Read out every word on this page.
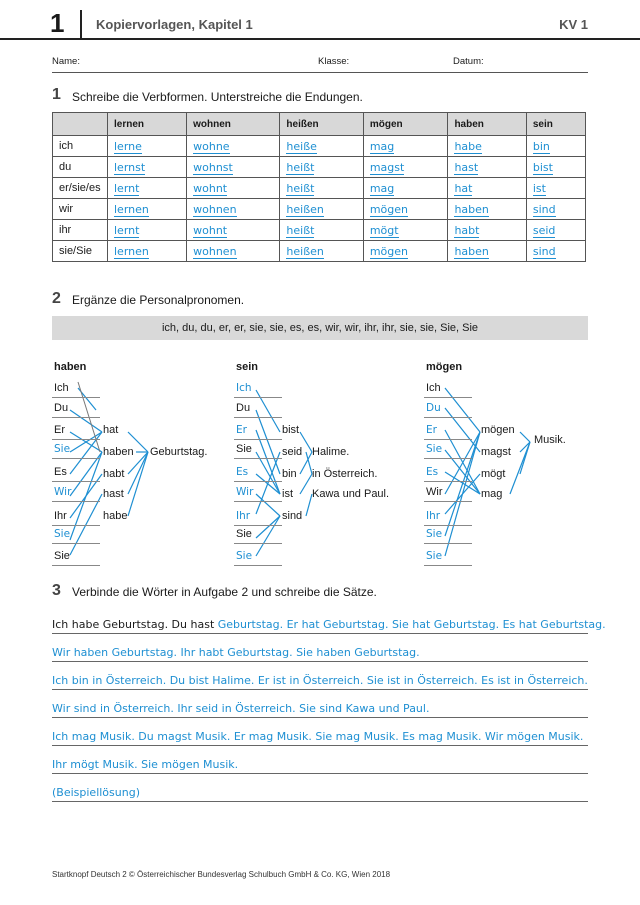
1 Kopiervorlagen, Kapitel 1	KV 1
Name:	Klasse:	Datum:
1 Schreibe die Verbformen. Unterstreiche die Endungen.
	lernen	wohnen	heißen	mögen	haben	sein
ich	lerne	wohne	heiße	mag	habe	bin
du	lernst	wohnst	heißt	magst	hast	bist
er/sie/es	lernt	wohnt	heißt	mag	hat	ist
wir	lernen	wohnen	heißen	mögen	haben	sind
ihr	lernt	wohnt	heißt	mögt	habt	seid
sie/Sie	lernen	wohnen	heißen	mögen	haben	sind
2 Ergänze die Personalpronomen.
ich, du, du, er, er, sie, sie, es, es, wir, wir, ihr, ihr, sie, sie, Sie, Sie
haben
Ich
Du
Er
Sie
Es
Wir
Ihr
Sie
Sie
hat
haben
habt
hast
habe
Geburtstag.
sein
Ich
Du
Er
Sie
Es
Wir
Ihr
Sie
Sie
bist
seid
bin
ist
sind
Halime.
in Österreich.
Kawa und Paul.
mögen
Ich
Du
Er
Sie
Es
Wir
Ihr
Sie
Sie
mögen
magst
mögt
mag
Musik.
3 Verbinde die Wörter in Aufgabe 2 und schreibe die Sätze.
Ich habe Geburtstag. Du hast Geburtstag. Er hat Geburtstag. Sie hat Geburtstag. Es hat Geburtstag.
Wir haben Geburtstag. Ihr habt Geburtstag. Sie haben Geburtstag.
Ich bin in Österreich. Du bist Halime. Er ist in Österreich. Sie ist in Österreich. Es ist in Österreich.
Wir sind in Österreich. Ihr seid in Österreich. Sie sind Kawa und Paul.
Ich mag Musik. Du magst Musik. Er mag Musik. Sie mag Musik. Es mag Musik. Wir mögen Musik.
Ihr mögt Musik. Sie mögen Musik.
(Beispiellösung)
Startknopf Deutsch 2 © Österreichischer Bundesverlag Schulbuch GmbH & Co. KG, Wien 2018
